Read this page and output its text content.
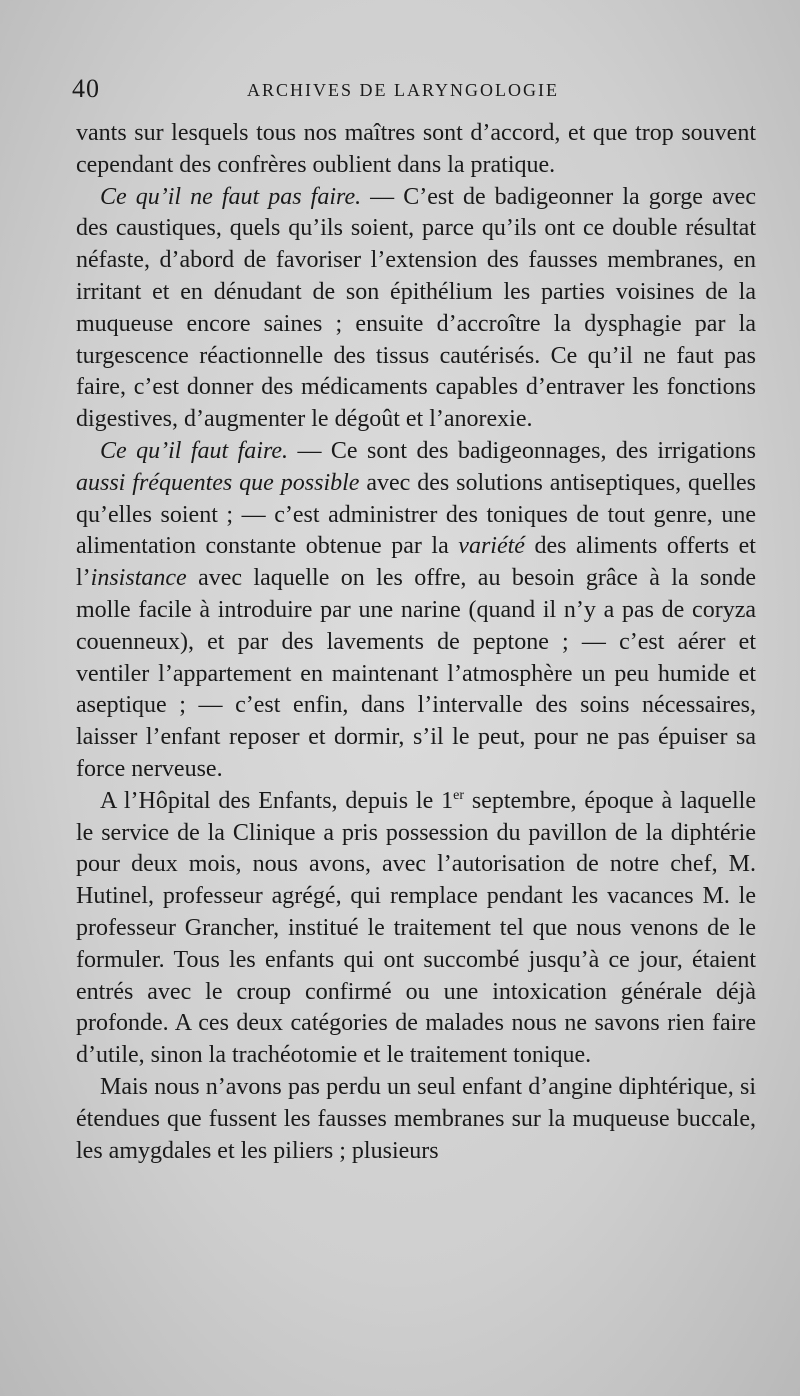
40	ARCHIVES DE LARYNGOLOGIE

vants sur lesquels tous nos maîtres sont d’accord, et que trop souvent cependant des confrères oublient dans la pratique.

Ce qu’il ne faut pas faire. — C’est de badigeonner la gorge avec des caustiques, quels qu’ils soient, parce qu’ils ont ce double résultat néfaste, d’abord de favoriser l’extension des fausses membranes, en irritant et en dénudant de son épithélium les parties voisines de la muqueuse encore saines ; ensuite d’accroître la dysphagie par la turgescence réactionnelle des tissus cautérisés. Ce qu’il ne faut pas faire, c’est donner des médicaments capables d’entraver les fonctions digestives, d’augmenter le dégoût et l’anorexie.

Ce qu’il faut faire. — Ce sont des badigeonnages, des irrigations aussi fréquentes que possible avec des solutions antiseptiques, quelles qu’elles soient ; — c’est administrer des toniques de tout genre, une alimentation constante obtenue par la variété des aliments offerts et l’insistance avec laquelle on les offre, au besoin grâce à la sonde molle facile à introduire par une narine (quand il n’y a pas de coryza couenneux), et par des lavements de peptone ; — c’est aérer et ventiler l’appartement en maintenant l’atmosphère un peu humide et aseptique ; — c’est enfin, dans l’intervalle des soins nécessaires, laisser l’enfant reposer et dormir, s’il le peut, pour ne pas épuiser sa force nerveuse.

A l’Hôpital des Enfants, depuis le 1er septembre, époque à laquelle le service de la Clinique a pris possession du pavillon de la diphtérie pour deux mois, nous avons, avec l’autorisation de notre chef, M. Hutinel, professeur agrégé, qui remplace pendant les vacances M. le professeur Grancher, institué le traitement tel que nous venons de le formuler. Tous les enfants qui ont succombé jusqu’à ce jour, étaient entrés avec le croup confirmé ou une intoxication générale déjà profonde. A ces deux catégories de malades nous ne savons rien faire d’utile, sinon la trachéotomie et le traitement tonique.

Mais nous n’avons pas perdu un seul enfant d’angine diphtérique, si étendues que fussent les fausses membranes sur la muqueuse buccale, les amygdales et les piliers ; plusieurs
